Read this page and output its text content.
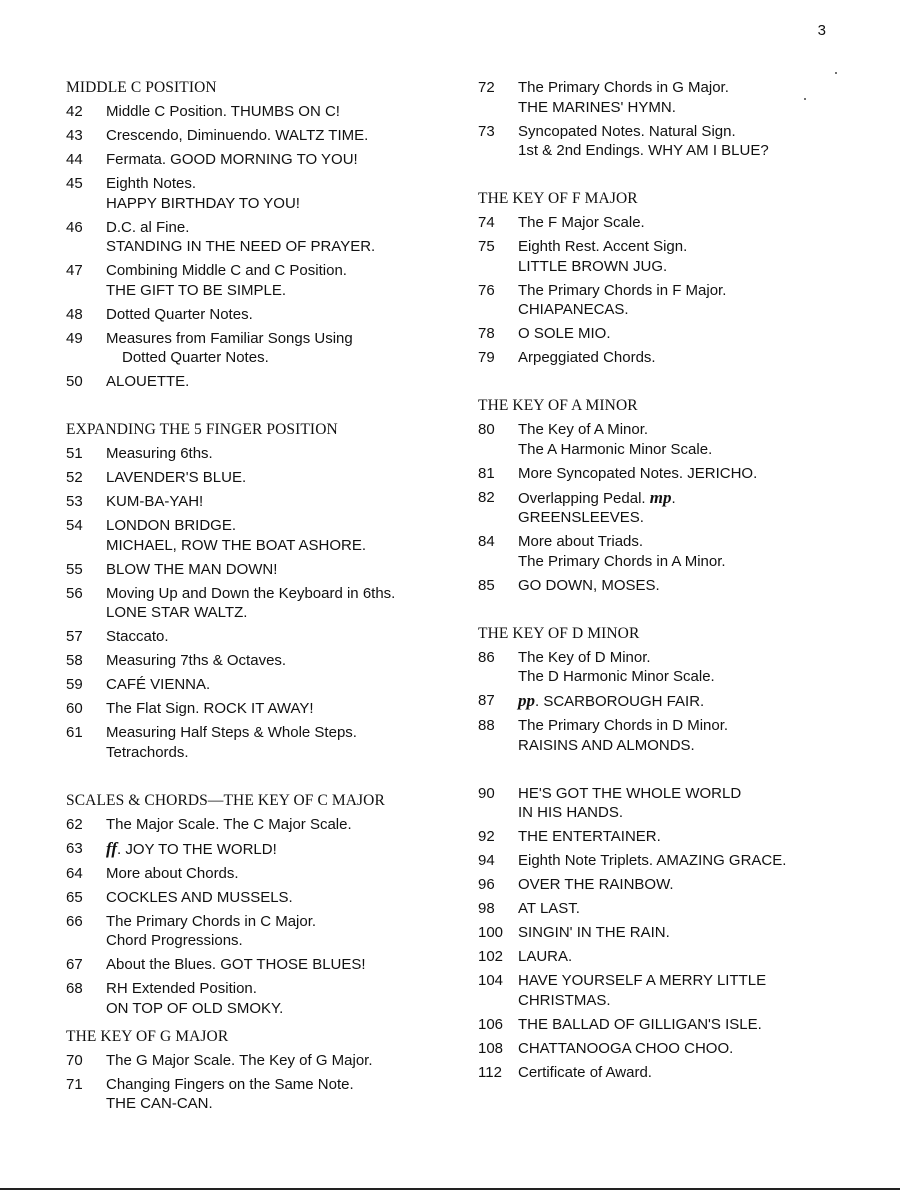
3
MIDDLE C POSITION
42	Middle C Position. THUMBS ON C!
43	Crescendo, Diminuendo. WALTZ TIME.
44	Fermata. GOOD MORNING TO YOU!
45	Eighth Notes.
HAPPY BIRTHDAY TO YOU!
46	D.C. al Fine.
STANDING IN THE NEED OF PRAYER.
47	Combining Middle C and C Position.
THE GIFT TO BE SIMPLE.
48	Dotted Quarter Notes.
49	Measures from Familiar Songs Using
Dotted Quarter Notes.
50	ALOUETTE.
EXPANDING THE 5 FINGER POSITION
51	Measuring 6ths.
52	LAVENDER'S BLUE.
53	KUM-BA-YAH!
54	LONDON BRIDGE.
MICHAEL, ROW THE BOAT ASHORE.
55	BLOW THE MAN DOWN!
56	Moving Up and Down the Keyboard in 6ths.
LONE STAR WALTZ.
57	Staccato.
58	Measuring 7ths & Octaves.
59	CAFÉ VIENNA.
60	The Flat Sign. ROCK IT AWAY!
61	Measuring Half Steps & Whole Steps.
Tetrachords.
SCALES & CHORDS—THE KEY OF C MAJOR
62	The Major Scale. The C Major Scale.
63	ff. JOY TO THE WORLD!
64	More about Chords.
65	COCKLES AND MUSSELS.
66	The Primary Chords in C Major.
Chord Progressions.
67	About the Blues. GOT THOSE BLUES!
68	RH Extended Position.
ON TOP OF OLD SMOKY.
THE KEY OF G MAJOR
70	The G Major Scale. The Key of G Major.
71	Changing Fingers on the Same Note.
THE CAN-CAN.
72	The Primary Chords in G Major.
THE MARINES' HYMN.
73	Syncopated Notes. Natural Sign.
1st & 2nd Endings. WHY AM I BLUE?
THE KEY OF F MAJOR
74	The F Major Scale.
75	Eighth Rest. Accent Sign.
LITTLE BROWN JUG.
76	The Primary Chords in F Major.
CHIAPANECAS.
78	O SOLE MIO.
79	Arpeggiated Chords.
THE KEY OF A MINOR
80	The Key of A Minor.
The A Harmonic Minor Scale.
81	More Syncopated Notes. JERICHO.
82	Overlapping Pedal. mp.
GREENSLEEVES.
84	More about Triads.
The Primary Chords in A Minor.
85	GO DOWN, MOSES.
THE KEY OF D MINOR
86	The Key of D Minor.
The D Harmonic Minor Scale.
87	pp. SCARBOROUGH FAIR.
88	The Primary Chords in D Minor.
RAISINS AND ALMONDS.
90	HE'S GOT THE WHOLE WORLD
IN HIS HANDS.
92	THE ENTERTAINER.
94	Eighth Note Triplets. AMAZING GRACE.
96	OVER THE RAINBOW.
98	AT LAST.
100 SINGIN' IN THE RAIN.
102 LAURA.
104 HAVE YOURSELF A MERRY LITTLE
CHRISTMAS.
106 THE BALLAD OF GILLIGAN'S ISLE.
108 CHATTANOOGA CHOO CHOO.
112	Certificate of Award.
